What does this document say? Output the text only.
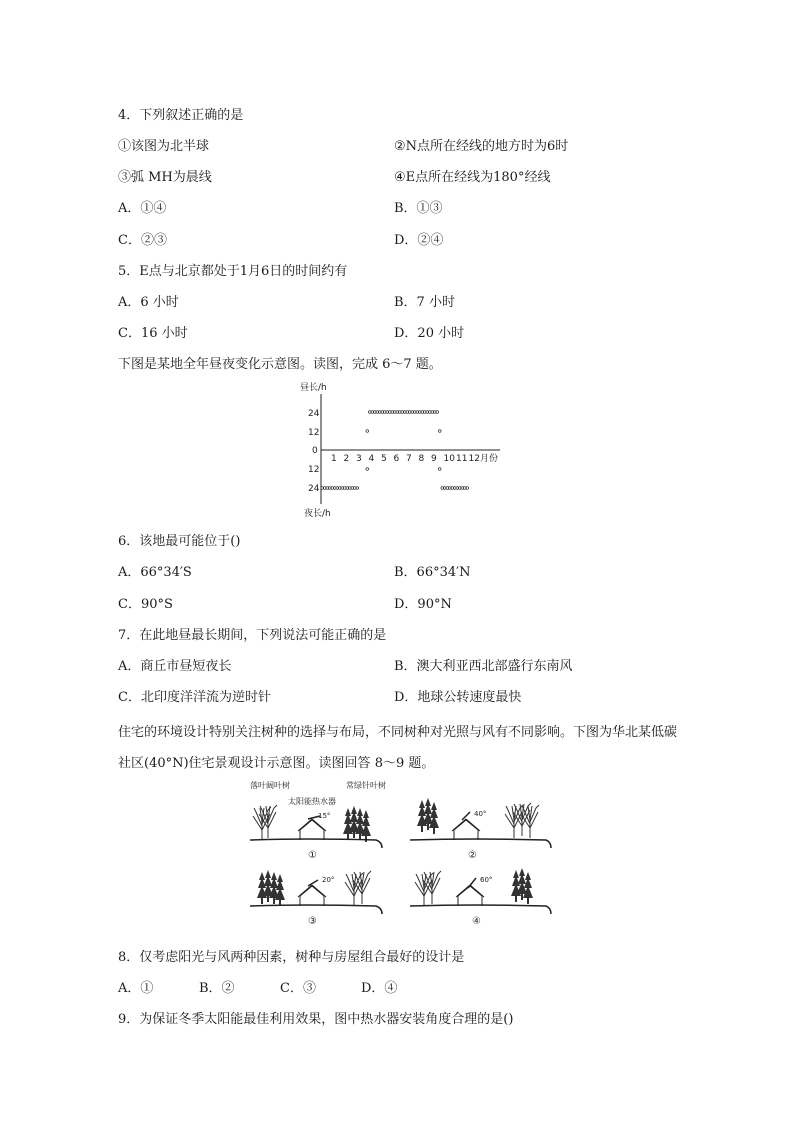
4．下列叙述正确的是
①该图为北半球	②N点所在经线的地方时为6时
③弧 MH为晨线	④E点所在经线为180°经线
A．①④	B．①③
C．②③	D．②④
5．E点与北京都处于1月6日的时间约有
A．6 小时	B．7 小时
C．16 小时	D．20 小时
下图是某地全年昼夜变化示意图。读图，完成 6～7 题。
昼长/h
夜长/h
24
12
0
12
24
1 2 3 4 5 6 7 8 9 10 11 12月份
6．该地最可能位于()
A．66°34′S	B．66°34′N
C．90°S	D．90°N
7．在此地昼最长期间，下列说法可能正确的是
A．商丘市昼短夜长	B．澳大利亚西北部盛行东南风
C．北印度洋洋流为逆时针	D．地球公转速度最快
住宅的环境设计特别关注树种的选择与布局，不同树种对光照与风有不同影响。下图为华北某低碳社区(40°N)住宅景观设计示意图。读图回答 8～9 题。
落叶阔叶树	常绿针叶树
太阳能热水器
15°
①
40°
②
20°
③
60°
④
8．仅考虑阳光与风两种因素，树种与房屋组合最好的设计是
A．①	B．②	C．③	D．④
9．为保证冬季太阳能最佳利用效果，图中热水器安装角度合理的是()
